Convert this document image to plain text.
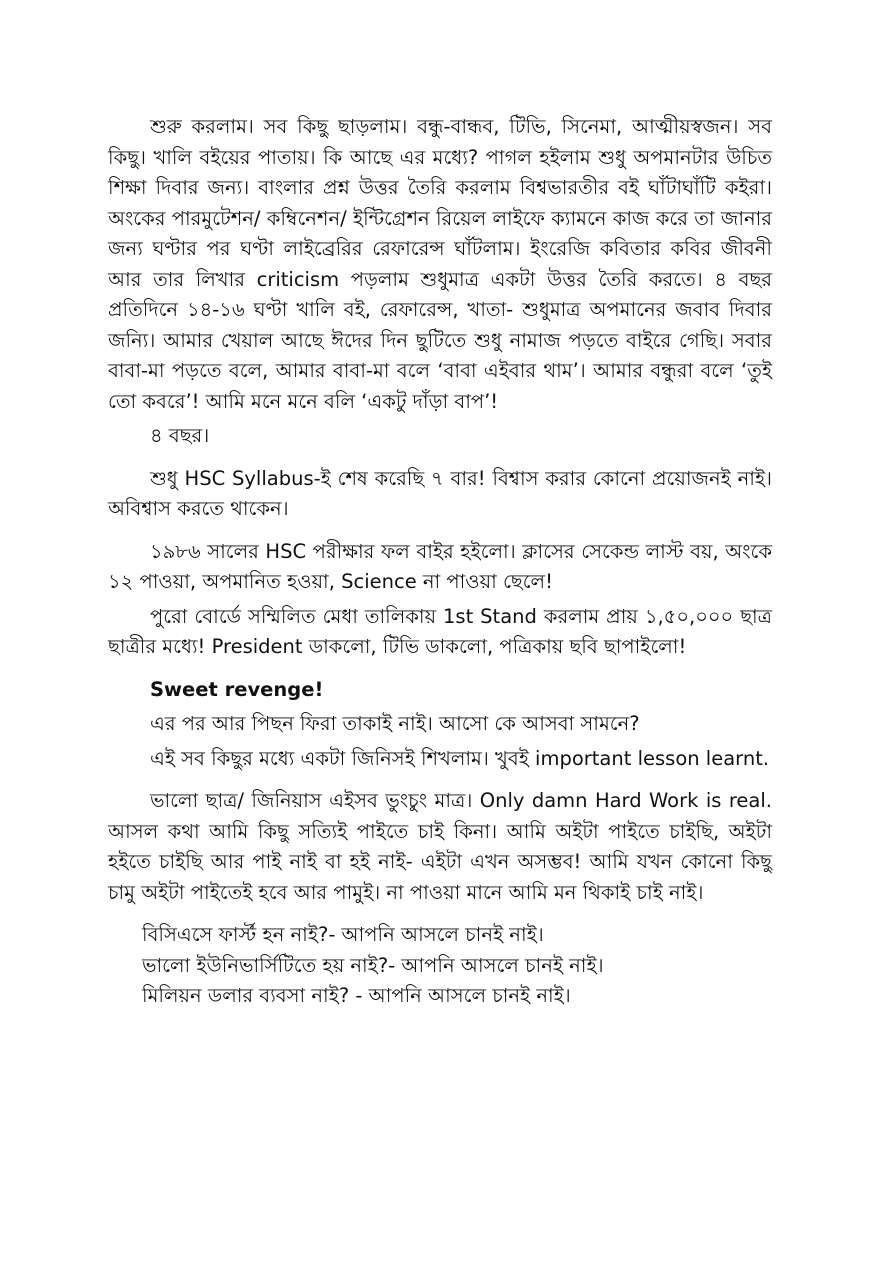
শুরু করলাম। সব কিছু ছাড়লাম। বন্ধু-বান্ধব, টিভি, সিনেমা, আত্মীয়স্বজন। সব কিছু। খালি বইয়ের পাতায়। কি আছে এর মধ্যে? পাগল হইলাম শুধু অপমানটার উচিত শিক্ষা দিবার জন্য। বাংলার প্রশ্ন উত্তর তৈরি করলাম বিশ্বভারতীর বই ঘাঁটাঘাঁটি কইরা। অংকের পারমুটেশন/ কম্বিনেশন/ ইন্টিগ্রেশন রিয়েল লাইফে ক্যামনে কাজ করে তা জানার জন্য ঘণ্টার পর ঘণ্টা লাইব্রেরির রেফারেন্স ঘাঁটলাম। ইংরেজি কবিতার কবির জীবনী আর তার লিখার criticism পড়লাম শুধুমাত্র একটা উত্তর তৈরি করতে। ৪ বছর প্রতিদিনে ১৪-১৬ ঘণ্টা খালি বই, রেফারেন্স, খাতা- শুধুমাত্র অপমানের জবাব দিবার জন্যি। আমার খেয়াল আছে ঈদের দিন ছুটিতে শুধু নামাজ পড়তে বাইরে গেছি। সবার বাবা-মা পড়তে বলে, আমার বাবা-মা বলে ‘বাবা এইবার থাম’। আমার বন্ধুরা বলে ‘তুই তো কবরে’! আমি মনে মনে বলি ‘একটু দাঁড়া বাপ’!

৪ বছর।

শুধু HSC Syllabus-ই শেষ করেছি ৭ বার! বিশ্বাস করার কোনো প্রয়োজনই নাই। অবিশ্বাস করতে থাকেন।

১৯৮৬ সালের HSC পরীক্ষার ফল বাইর হইলো। ক্লাসের সেকেন্ড লাস্ট বয়, অংকে ১২ পাওয়া, অপমানিত হওয়া, Science না পাওয়া ছেলে!

পুরো বোর্ডে সম্মিলিত মেধা তালিকায় 1st Stand করলাম প্রায় ১,৫০,০০০ ছাত্র ছাত্রীর মধ্যে! President ডাকলো, টিভি ডাকলো, পত্রিকায় ছবি ছাপাইলো!

Sweet revenge!

এর পর আর পিছন ফিরা তাকাই নাই। আসো কে আসবা সামনে?

এই সব কিছুর মধ্যে একটা জিনিসই শিখলাম। খুবই important lesson learnt.

ভালো ছাত্র/ জিনিয়াস এইসব ভুংচুং মাত্র। Only damn Hard Work is real. আসল কথা আমি কিছু সত্যিই পাইতে চাই কিনা। আমি অইটা পাইতে চাইছি, অইটা হইতে চাইছি আর পাই নাই বা হই নাই- এইটা এখন অসম্ভব! আমি যখন কোনো কিছু চামু অইটা পাইতেই হবে আর পামুই। না পাওয়া মানে আমি মন থিকাই চাই নাই।

বিসিএসে ফার্স্ট হন নাই?- আপনি আসলে চানই নাই।

ভালো ইউনিভার্সিটিতে হয় নাই?- আপনি আসলে চানই নাই।

মিলিয়ন ডলার ব্যবসা নাই? - আপনি আসলে চানই নাই।
